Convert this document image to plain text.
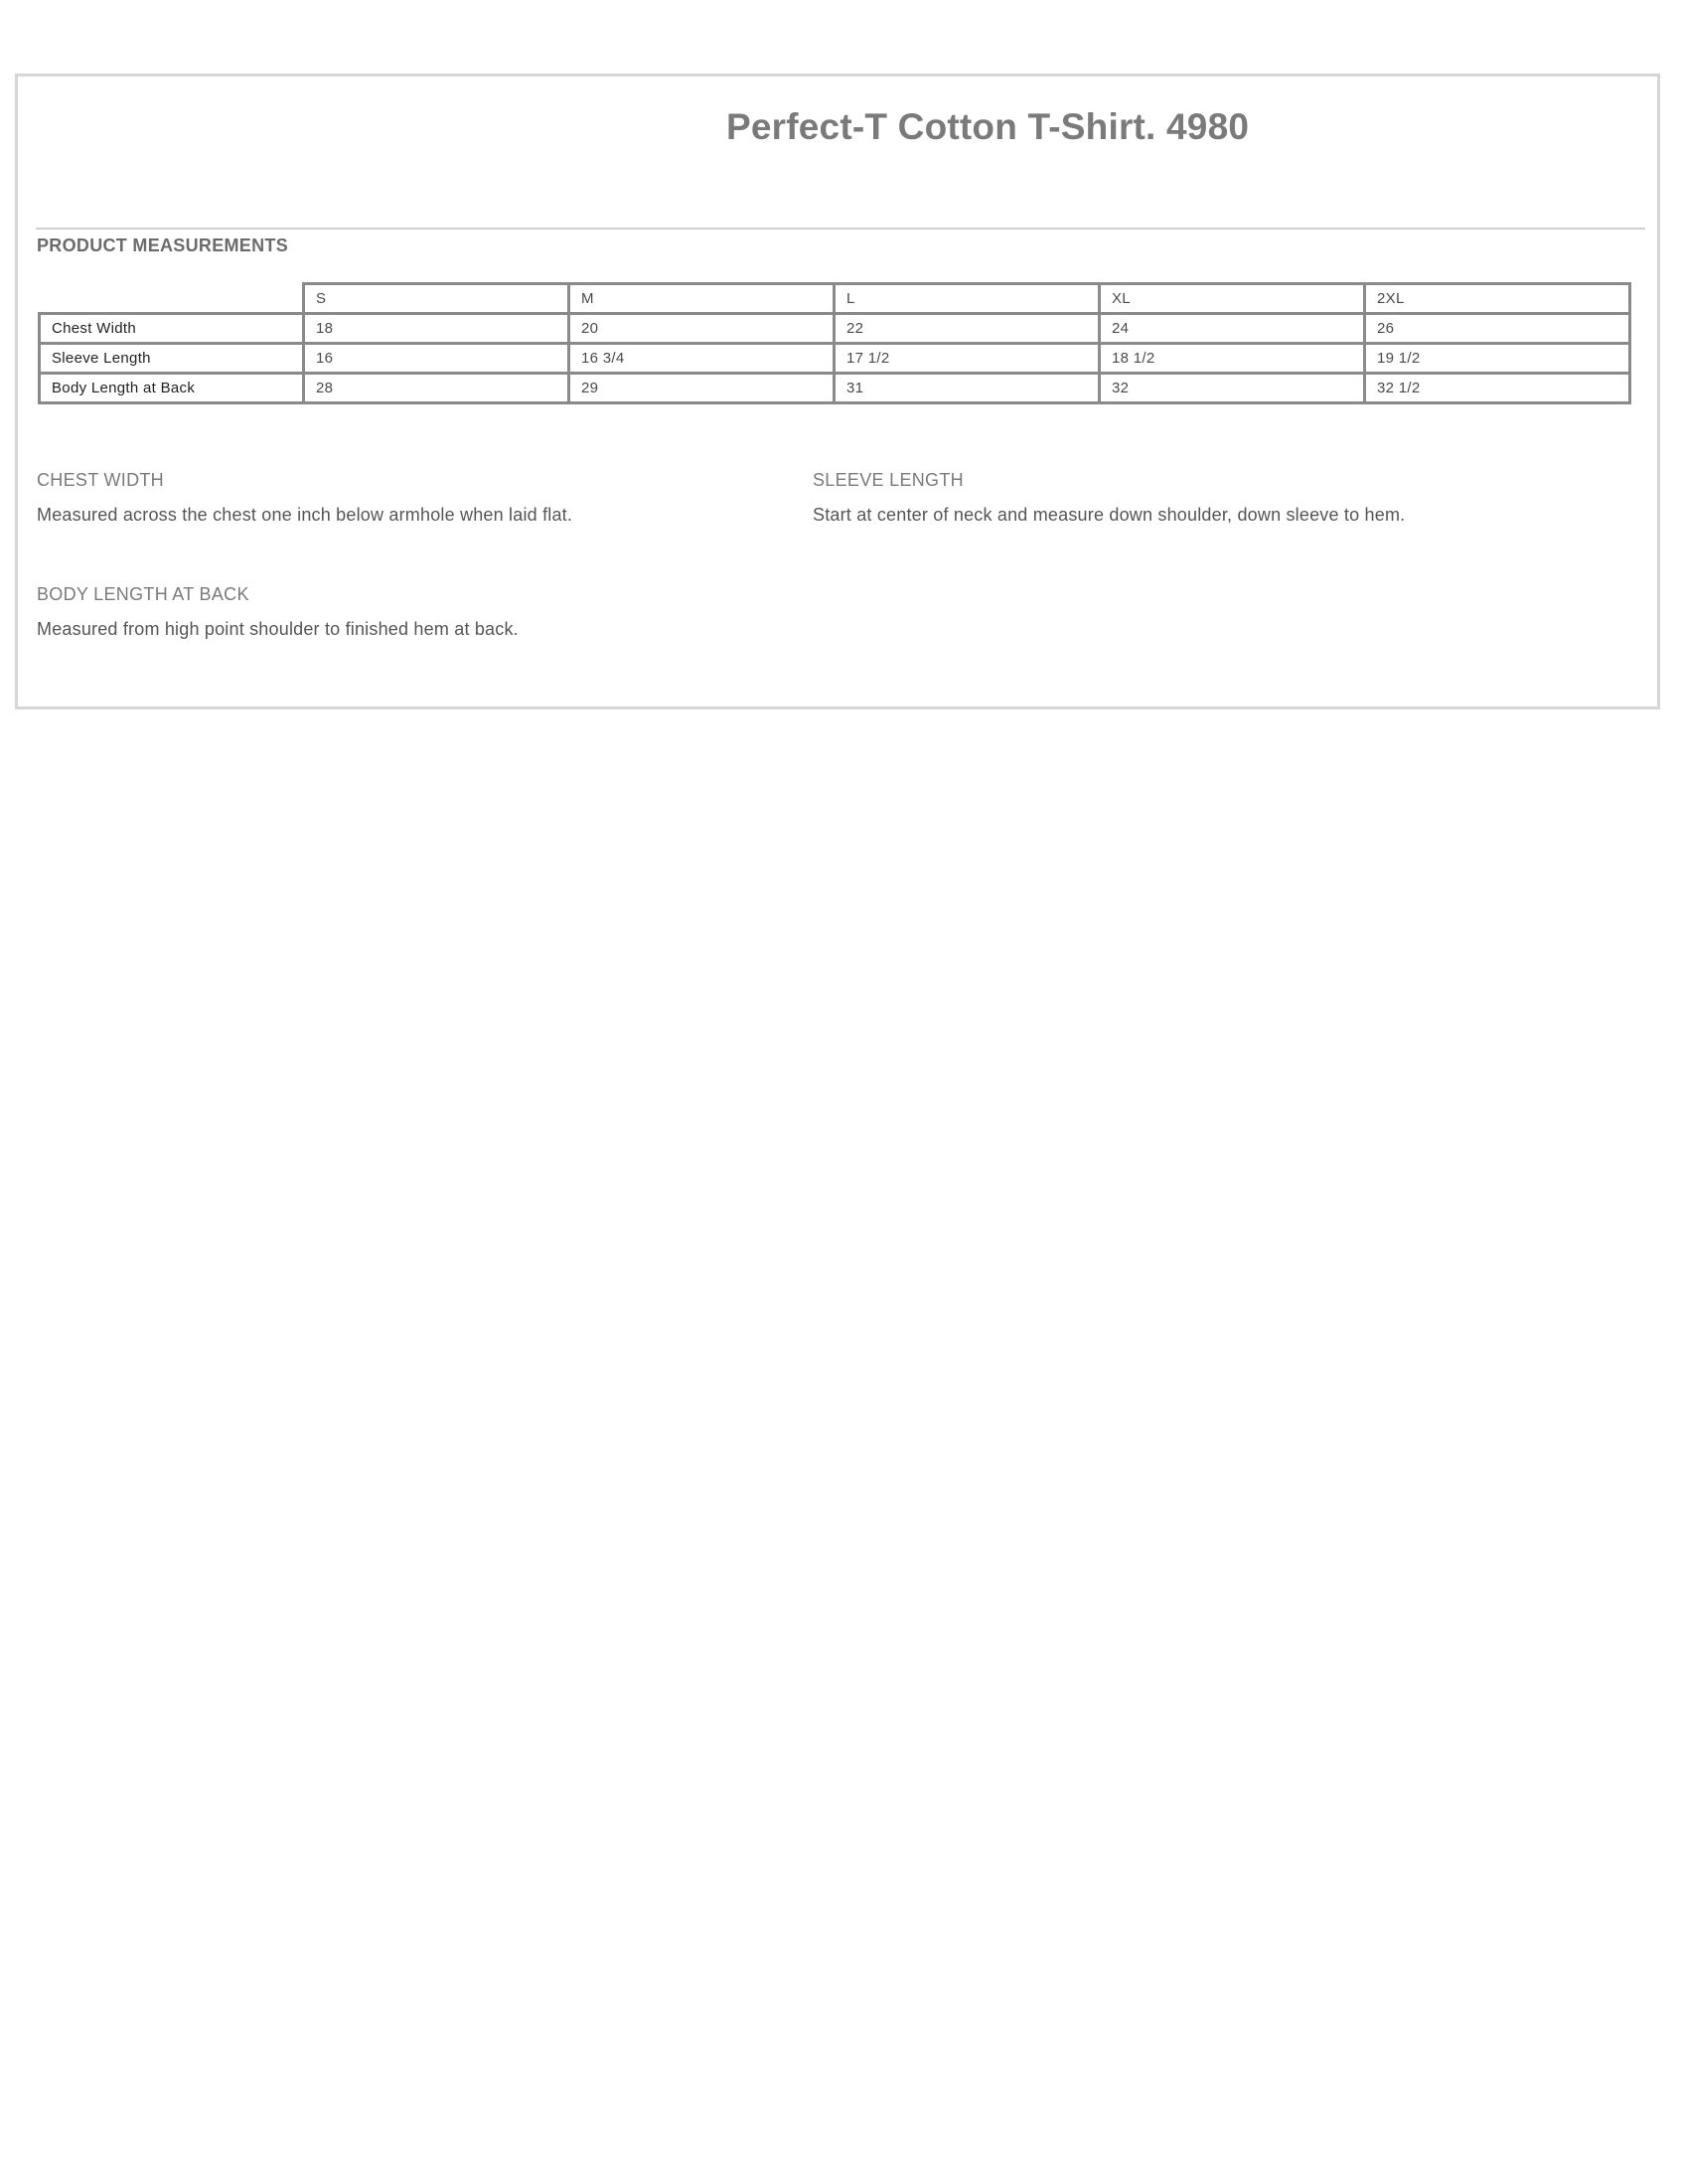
Perfect-T Cotton T-Shirt. 4980
PRODUCT MEASUREMENTS
	S	M	L	XL	2XL
Chest Width	18	20	22	24	26
Sleeve Length	16	16 3/4	17 1/2	18 1/2	19 1/2
Body Length at Back	28	29	31	32	32 1/2
CHEST WIDTH
Measured across the chest one inch below armhole when laid flat.
SLEEVE LENGTH
Start at center of neck and measure down shoulder, down sleeve to hem.
BODY LENGTH AT BACK
Measured from high point shoulder to finished hem at back.
